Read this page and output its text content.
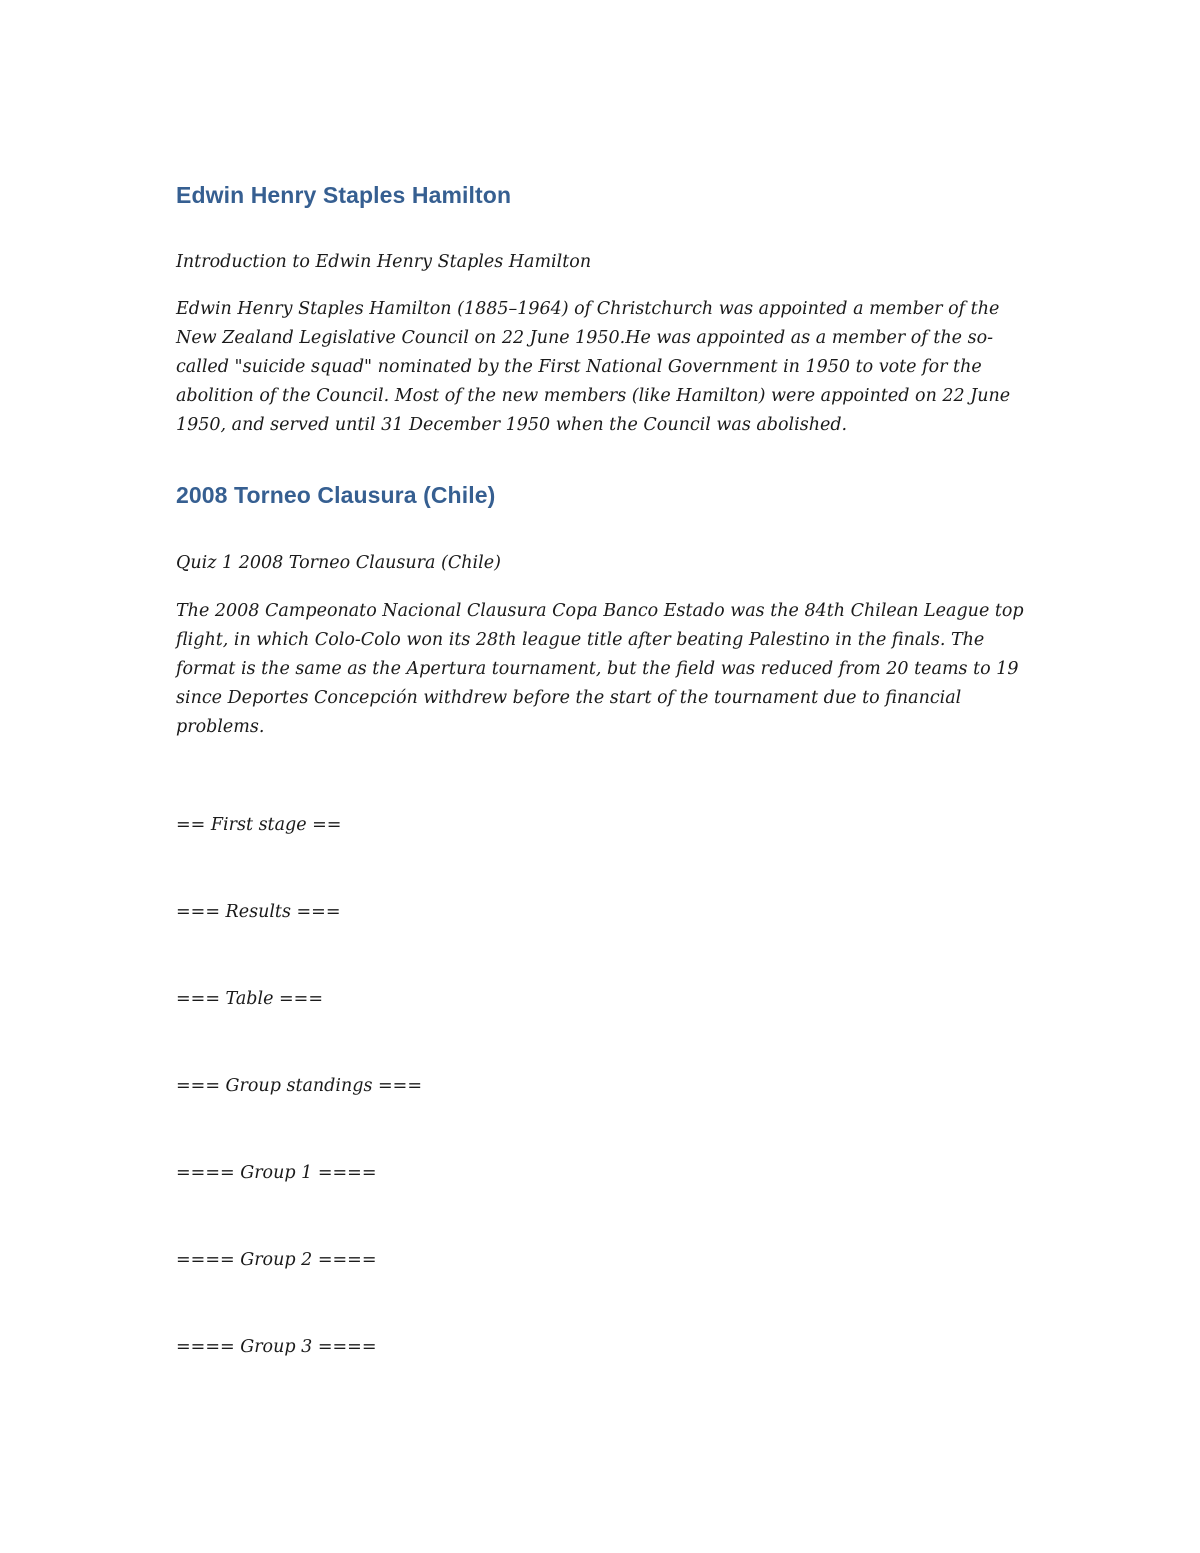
Edwin Henry Staples Hamilton

Introduction to Edwin Henry Staples Hamilton

Edwin Henry Staples Hamilton (1885–1964) of Christchurch was appointed a member of the New Zealand Legislative Council on 22 June 1950.He was appointed as a member of the so-called "suicide squad" nominated by the First National Government in 1950 to vote for the abolition of the Council. Most of the new members (like Hamilton) were appointed on 22 June 1950, and served until 31 December 1950 when the Council was abolished.

2008 Torneo Clausura (Chile)

Quiz 1 2008 Torneo Clausura (Chile)

The 2008 Campeonato Nacional Clausura Copa Banco Estado was the 84th Chilean League top flight, in which Colo-Colo won its 28th league title after beating Palestino in the finals. The format is the same as the Apertura tournament, but the field was reduced from 20 teams to 19 since Deportes Concepción withdrew before the start of the tournament due to financial problems.

== First stage ==

=== Results ===

=== Table ===

=== Group standings ===

==== Group 1 ====

==== Group 2 ====

==== Group 3 ====
